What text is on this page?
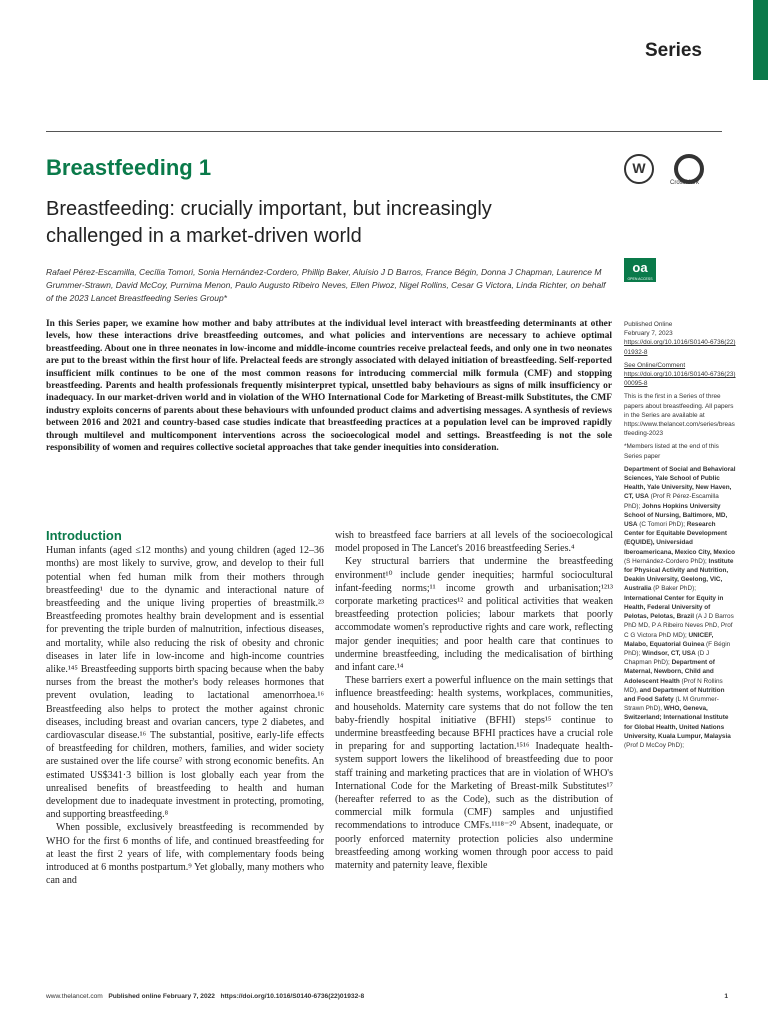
Series
Breastfeeding 1
Breastfeeding: crucially important, but increasingly challenged in a market-driven world
W
CrossMark
oa
OPEN ACCESS
Rafael Pérez-Escamilla, Cecília Tomori, Sonia Hernández-Cordero, Phillip Baker, Aluísio J D Barros, France Bégin, Donna J Chapman, Laurence M Grummer-Strawn, David McCoy, Purnima Menon, Paulo Augusto Ribeiro Neves, Ellen Piwoz, Nigel Rollins, Cesar G Victora, Linda Richter, on behalf of the 2023 Lancet Breastfeeding Series Group*
In this Series paper, we examine how mother and baby attributes at the individual level interact with breastfeeding determinants at other levels, how these interactions drive breastfeeding outcomes, and what policies and interventions are necessary to achieve optimal breastfeeding. About one in three neonates in low-income and middle-income countries receive prelacteal feeds, and only one in two neonates are put to the breast within the first hour of life. Prelacteal feeds are strongly associated with delayed initiation of breastfeeding. Self-reported insufficient milk continues to be one of the most common reasons for introducing commercial milk formula (CMF) and stopping breastfeeding. Parents and health professionals frequently misinterpret typical, unsettled baby behaviours as signs of milk insufficiency or inadequacy. In our market-driven world and in violation of the WHO International Code for Marketing of Breast-milk Substitutes, the CMF industry exploits concerns of parents about these behaviours with unfounded product claims and advertising messages. A synthesis of reviews between 2016 and 2021 and country-based case studies indicate that breastfeeding practices at a population level can be improved rapidly through multilevel and multicomponent interventions across the socioecological model and settings. Breastfeeding is not the sole responsibility of women and requires collective societal approaches that take gender inequities into consideration.

Published Online
February 7, 2023
https://doi.org/10.1016/S0140-6736(22)01932-8

See Online/Comment
https://doi.org/10.1016/S0140-6736(23)00095-8

This is the first in a Series of three papers about breastfeeding. All papers in the Series are available at https://www.thelancet.com/series/breastfeeding-2023

*Members listed at the end of this Series paper

Department of Social and Behavioral Sciences, Yale School of Public Health, Yale University, New Haven, CT, USA (Prof R Pérez-Escamilla PhD); Johns Hopkins University School of Nursing, Baltimore, MD, USA (C Tomori PhD); Research Center for Equitable Development (EQUIDE), Universidad Iberoamericana, Mexico City, Mexico (S Hernández-Cordero PhD); Institute for Physical Activity and Nutrition, Deakin University, Geelong, VIC, Australia (P Baker PhD); International Center for Equity in Health, Federal University of Pelotas, Pelotas, Brazil (A J D Barros PhD MD, P A Ribeiro Neves PhD, Prof C G Victora PhD MD); UNICEF, Malabo, Equatorial Guinea (F Bégin PhD); Windsor, CT, USA (D J Chapman PhD); Department of Maternal, Newborn, Child and Adolescent Health (Prof N Rollins MD), and Department of Nutrition and Food Safety (L M Grummer-Strawn PhD), WHO, Geneva, Switzerland; International Institute for Global Health, United Nations University, Kuala Lumpur, Malaysia (Prof D McCoy PhD);
Introduction

Human infants (aged ≤12 months) and young children (aged 12–36 months) are most likely to survive, grow, and develop to their full potential when fed human milk from their mothers through breastfeeding¹ due to the dynamic and interactional nature of breastfeeding and the unique living properties of breastmilk.²³ Breastfeeding promotes healthy brain development and is essential for preventing the triple burden of malnutrition, infectious diseases, and mortality, while also reducing the risk of obesity and chronic diseases in later life in low-income and high-income countries alike.¹⁴⁵ Breastfeeding supports birth spacing because when the baby nurses from the breast the mother's body releases hormones that prevent ovulation, leading to lactational amenorrhoea.¹⁶ Breastfeeding also helps to protect the mother against chronic diseases, including breast and ovarian cancers, type 2 diabetes, and cardiovascular disease.¹⁶ The substantial, positive, early-life effects of breastfeeding for children, mothers, families, and wider society are sustained over the life course⁷ with strong economic benefits. An estimated US$341·3 billion is lost globally each year from the unrealised benefits of breastfeeding to health and human development due to inadequate investment in protecting, promoting, and supporting breastfeeding.⁸

When possible, exclusively breastfeeding is recommended by WHO for the first 6 months of life, and continued breastfeeding for at least the first 2 years of life, with complementary foods being introduced at 6 months postpartum.⁹ Yet globally, many mothers who can and

wish to breastfeed face barriers at all levels of the socioecological model proposed in The Lancet's 2016 breastfeeding Series.⁴

Key structural barriers that undermine the breastfeeding environment¹⁰ include gender inequities; harmful sociocultural infant-feeding norms;¹¹ income growth and urbanisation;¹²¹³ corporate marketing practices¹² and political activities that weaken breastfeeding protection policies; labour markets that poorly accommodate women's reproductive rights and care work, reflecting major gender inequities; and poor health care that continues to undermine breastfeeding, including the medicalisation of birthing and infant care.¹⁴

These barriers exert a powerful influence on the main settings that influence breastfeeding: health systems, workplaces, communities, and households. Maternity care systems that do not follow the ten baby-friendly hospital initiative (BFHI) steps¹⁵ continue to undermine breastfeeding because BFHI practices have a crucial role in preparing for and supporting lactation.¹⁵¹⁶ Inadequate health-system support lowers the likelihood of breastfeeding due to poor staff training and marketing practices that are in violation of WHO's International Code for the Marketing of Breast-milk Substitutes¹⁷ (hereafter referred to as the Code), such as the distribution of commercial milk formula (CMF) samples and unjustified recommendations to introduce CMFs.¹¹¹⁸⁻²⁰ Absent, inadequate, or poorly enforced maternity protection policies also undermine breastfeeding among working women through poor access to paid maternity and paternity leave, flexible

www.thelancet.com Published online February 7, 2022 https://doi.org/10.1016/S0140-6736(22)01932-8	1
